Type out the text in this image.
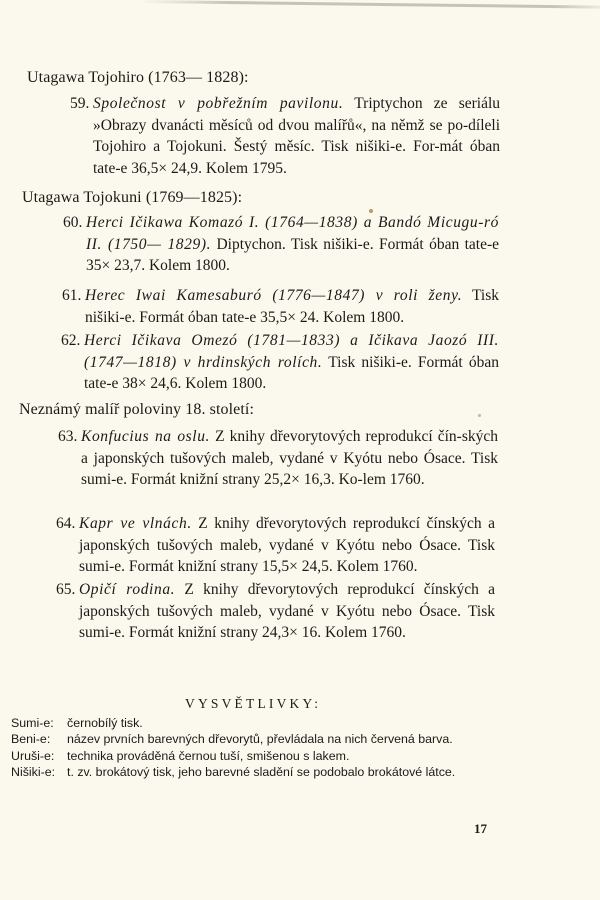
Utagawa Tojohiro (1763— 1828):
59. Společnost v pobřežním pavilonu. Triptychon ze seriálu »Obrazy dvanácti měsíců od dvou malířů«, na němž se po-díleli Tojohiro a Tojokuni. Šestý měsíc. Tisk nišiki-e. For-mát óban tate-e 36,5× 24,9. Kolem 1795.
Utagawa Tojokuni (1769—1825):
60. Herci Ičikawa Komazó I. (1764—1838) a Bandó Micugu-ró II. (1750— 1829). Diptychon. Tisk nišiki-e. Formát óban tate-e 35× 23,7. Kolem 1800.
61. Herec Iwai Kamesaburó (1776—1847) v roli ženy. Tisk nišiki-e. Formát óban tate-e 35,5× 24. Kolem 1800.
62. Herci Ičikava Omezó (1781—1833) a Ičikava Jaozó III. (1747—1818) v hrdinských rolích. Tisk nišiki-e. Formát óban tate-e 38× 24,6. Kolem 1800.
Neznámý malíř poloviny 18. století:
63. Konfucius na oslu. Z knihy dřevorytových reprodukcí čín-ských a japonských tušových maleb, vydané v Kyótu nebo Ósace. Tisk sumi-e. Formát knižní strany 25,2× 16,3. Ko-lem 1760.
64. Kapr ve vlnách. Z knihy dřevorytových reprodukcí čínských a japonských tušových maleb, vydané v Kyótu nebo Ósace. Tisk sumi-e. Formát knižní strany 15,5× 24,5. Kolem 1760.
65. Opičí rodina. Z knihy dřevorytových reprodukcí čínských a japonských tušových maleb, vydané v Kyótu nebo Ósace. Tisk sumi-e. Formát knižní strany 24,3× 16. Kolem 1760.
VYSVĚTLIVKY:
Sumi-e:	černobílý tisk.
Beni-e:	název prvních barevných dřevorytů, převládala na nich červená barva.
Uruši-e:	technika prováděná černou tuší, smišenou s lakem.
Nišiki-e: t. zv. brokátový tisk, jeho barevné sladění se podobalo brokátové látce.
17
